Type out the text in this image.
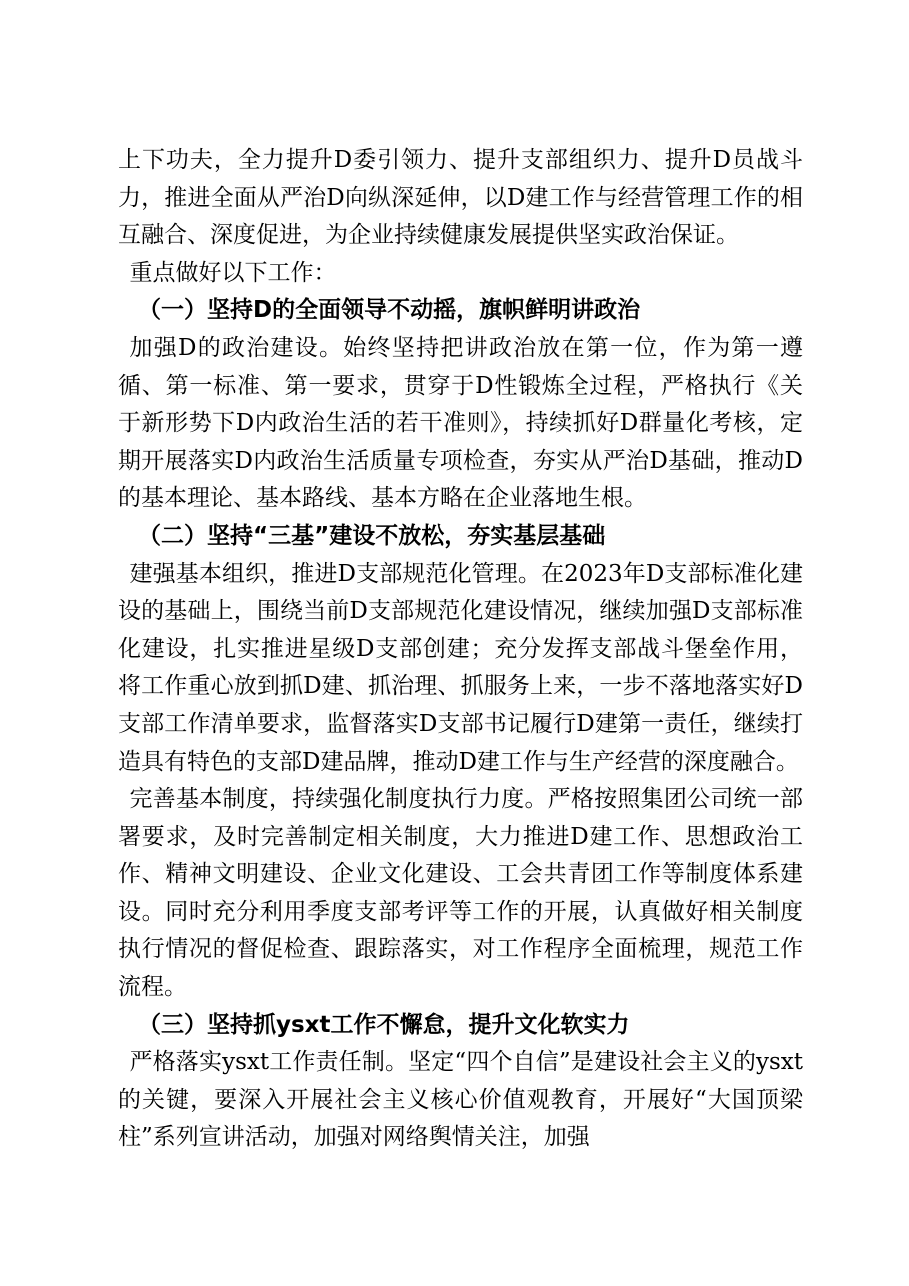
上下功夫，全力提升D委引领力、提升支部组织力、提升D员战斗力，推进全面从严治D向纵深延伸，以D建工作与经营管理工作的相互融合、深度促进，为企业持续健康发展提供坚实政治保证。

重点做好以下工作：

（一）坚持D的全面领导不动摇，旗帜鲜明讲政治

加强D的政治建设。始终坚持把讲政治放在第一位，作为第一遵循、第一标准、第一要求，贯穿于D性锻炼全过程，严格执行《关于新形势下D内政治生活的若干准则》，持续抓好D群量化考核，定期开展落实D内政治生活质量专项检查，夯实从严治D基础，推动D的基本理论、基本路线、基本方略在企业落地生根。

（二）坚持“三基”建设不放松，夯实基层基础

建强基本组织，推进D支部规范化管理。在2023年D支部标准化建设的基础上，围绕当前D支部规范化建设情况，继续加强D支部标准化建设，扎实推进星级D支部创建；充分发挥支部战斗堡垒作用，将工作重心放到抓D建、抓治理、抓服务上来，一步不落地落实好D支部工作清单要求，监督落实D支部书记履行D建第一责任，继续打造具有特色的支部D建品牌，推动D建工作与生产经营的深度融合。

完善基本制度，持续强化制度执行力度。严格按照集团公司统一部署要求，及时完善制定相关制度，大力推进D建工作、思想政治工作、精神文明建设、企业文化建设、工会共青团工作等制度体系建设。同时充分利用季度支部考评等工作的开展，认真做好相关制度执行情况的督促检查、跟踪落实，对工作程序全面梳理，规范工作流程。

（三）坚持抓ysxt工作不懈怠，提升文化软实力

严格落实ysxt工作责任制。坚定“四个自信”是建设社会主义的ysxt的关键，要深入开展社会主义核心价值观教育，开展好“大国顶梁柱”系列宣讲活动，加强对网络舆情关注，加强
